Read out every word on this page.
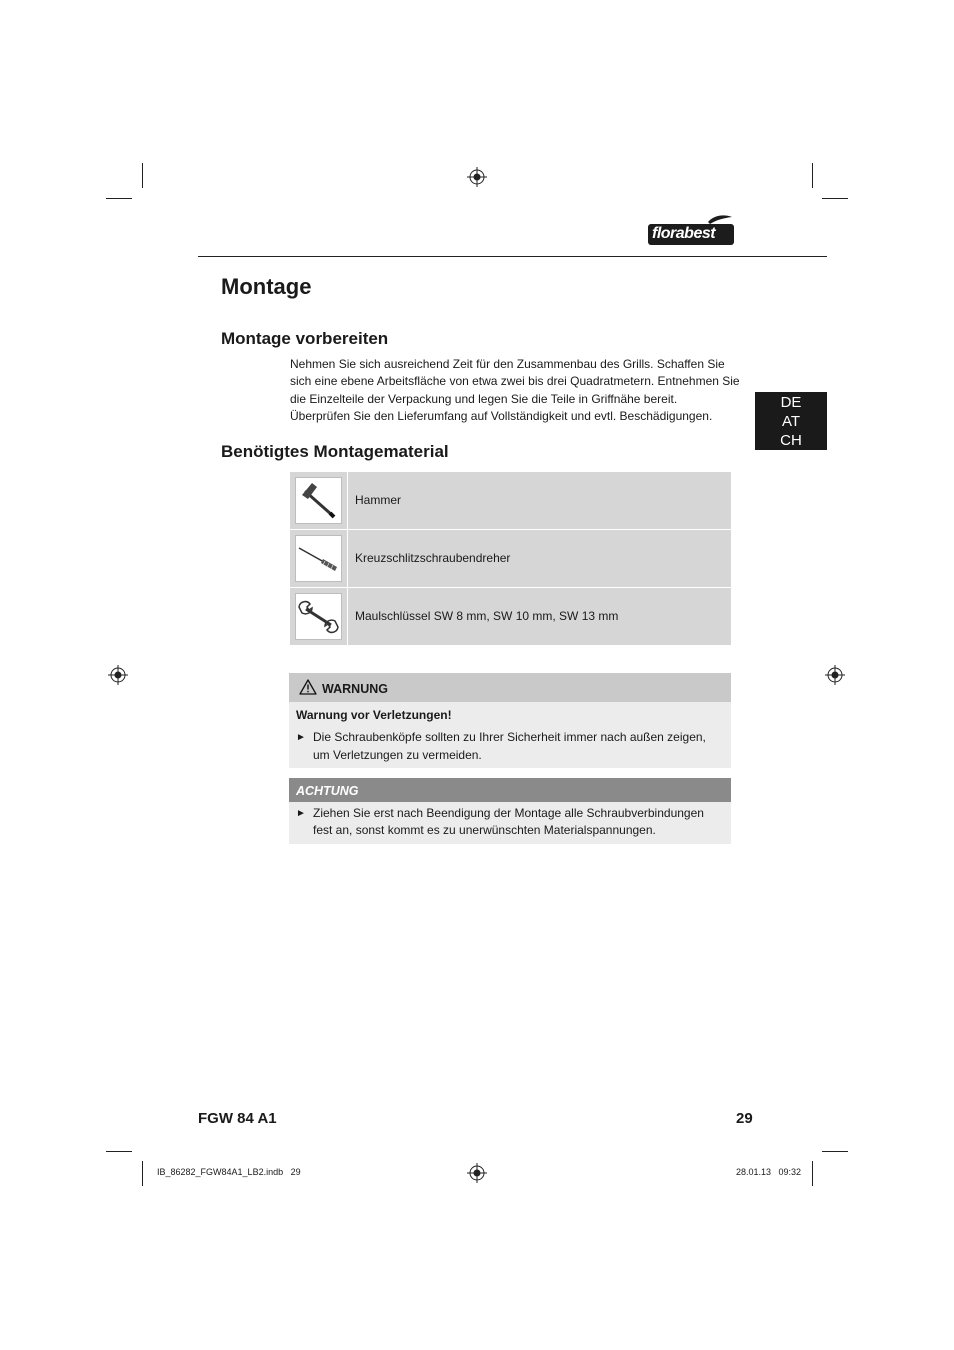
florabest
Montage
Montage vorbereiten
Nehmen Sie sich ausreichend Zeit für den Zusammenbau des Grills. Schaffen Sie
sich eine ebene Arbeitsfläche von etwa zwei bis drei Quadratmetern. Entnehmen Sie
die Einzelteile der Verpackung und legen Sie die Teile in Griffnähe bereit.
Überprüfen Sie den Lieferumfang auf Vollständigkeit und evtl. Beschädigungen.
DE
AT
CH
Benötigtes Montagematerial
Hammer
Kreuzschlitzschraubendreher
Maulschlüssel SW 8 mm, SW 10 mm, SW 13 mm
WARNUNG
Warnung vor Verletzungen!
► Die Schraubenköpfe sollten zu Ihrer Sicherheit immer nach außen zeigen,
um Verletzungen zu vermeiden.
ACHTUNG
► Ziehen Sie erst nach Beendigung der Montage alle Schraubverbindungen
fest an, sonst kommt es zu unerwünschten Materialspannungen.
FGW 84 A1	29
IB_86282_FGW84A1_LB2.indb   29	28.01.13   09:32
